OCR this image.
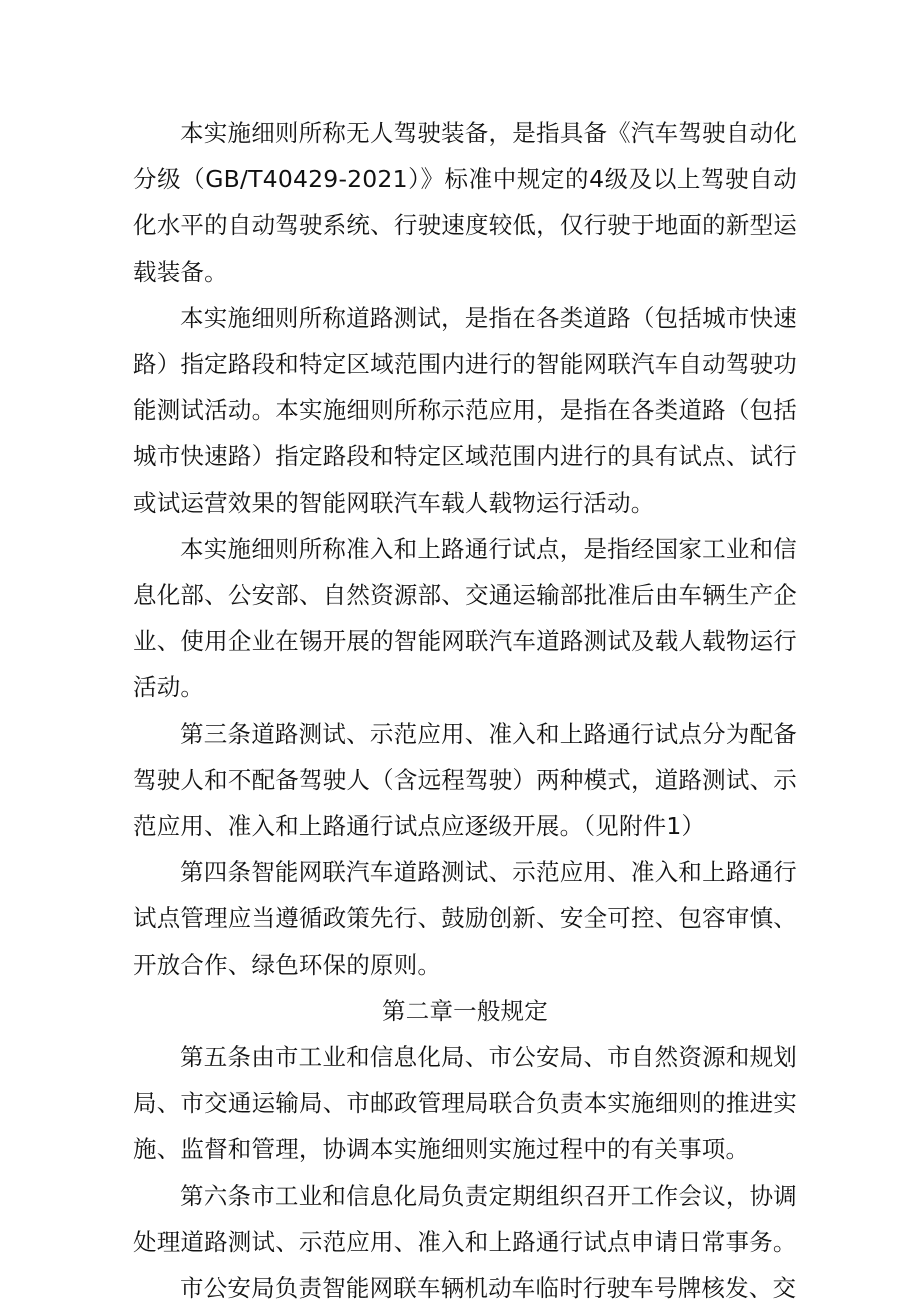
本实施细则所称无人驾驶装备，是指具备《汽车驾驶自动化分级（GB/T40429-2021）》标准中规定的4级及以上驾驶自动化水平的自动驾驶系统、行驶速度较低，仅行驶于地面的新型运载装备。

本实施细则所称道路测试，是指在各类道路（包括城市快速路）指定路段和特定区域范围内进行的智能网联汽车自动驾驶功能测试活动。本实施细则所称示范应用，是指在各类道路（包括城市快速路）指定路段和特定区域范围内进行的具有试点、试行或试运营效果的智能网联汽车载人载物运行活动。

本实施细则所称准入和上路通行试点，是指经国家工业和信息化部、公安部、自然资源部、交通运输部批准后由车辆生产企业、使用企业在锡开展的智能网联汽车道路测试及载人载物运行活动。

第三条道路测试、示范应用、准入和上路通行试点分为配备驾驶人和不配备驾驶人（含远程驾驶）两种模式，道路测试、示范应用、准入和上路通行试点应逐级开展。（见附件1）

第四条智能网联汽车道路测试、示范应用、准入和上路通行试点管理应当遵循政策先行、鼓励创新、安全可控、包容审慎、开放合作、绿色环保的原则。

第二章一般规定

第五条由市工业和信息化局、市公安局、市自然资源和规划局、市交通运输局、市邮政管理局联合负责本实施细则的推进实施、监督和管理，协调本实施细则实施过程中的有关事项。

第六条市工业和信息化局负责定期组织召开工作会议，协调处理道路测试、示范应用、准入和上路通行试点申请日常事务。

市公安局负责智能网联车辆机动车临时行驶车号牌核发、交
